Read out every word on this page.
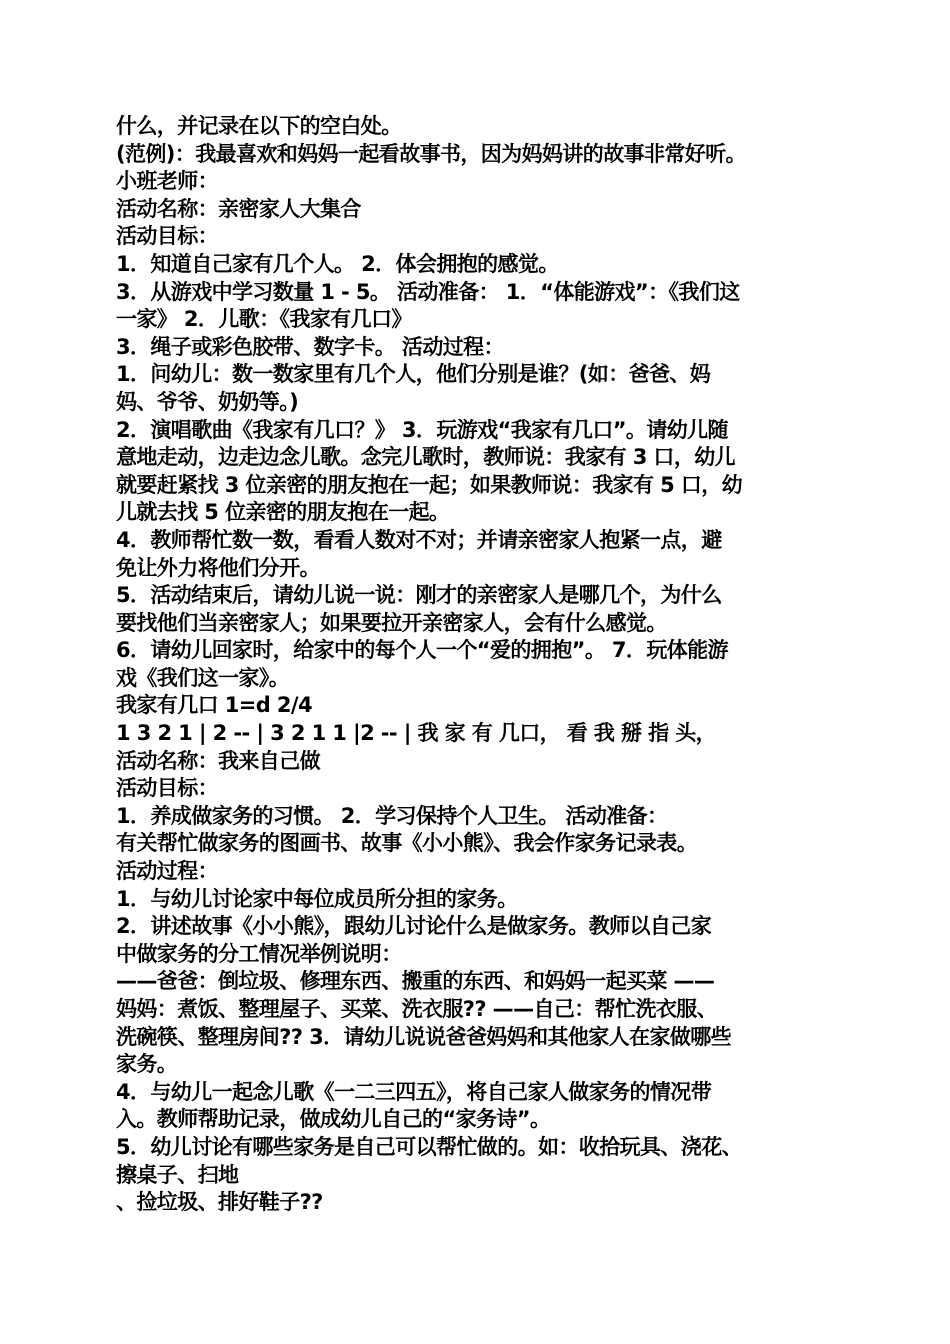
什么，并记录在以下的空白处。
(范例)：我最喜欢和妈妈一起看故事书，因为妈妈讲的故事非常好听。
小班老师：
活动名称：亲密家人大集合
活动目标：
1．知道自己家有几个人。 2．体会拥抱的感觉。
3．从游戏中学习数量 1 - 5。 活动准备： 1．“体能游戏”：《我们这
一家》 2．儿歌：《我家有几口》
3．绳子或彩色胶带、数字卡。 活动过程：
1．问幼儿：数一数家里有几个人，他们分别是谁？(如：爸爸、妈
妈、爷爷、奶奶等。)
2．演唱歌曲《我家有几口？》 3．玩游戏“我家有几口”。请幼儿随
意地走动，边走边念儿歌。念完儿歌时，教师说：我家有 3 口，幼儿
就要赶紧找 3 位亲密的朋友抱在一起；如果教师说：我家有 5 口，幼
儿就去找 5 位亲密的朋友抱在一起。
4．教师帮忙数一数，看看人数对不对；并请亲密家人抱紧一点，避
免让外力将他们分开。
5．活动结束后，请幼儿说一说：刚才的亲密家人是哪几个，为什么
要找他们当亲密家人；如果要拉开亲密家人，会有什么感觉。
6．请幼儿回家时，给家中的每个人一个“爱的拥抱”。 7．玩体能游
戏《我们这一家》。
我家有几口 1=d 2/4
1 3 2 1 | 2 -- | 3 2 1 1 |2 -- | 我 家 有 几口， 看 我 掰 指 头，
活动名称：我来自己做
活动目标：
1．养成做家务的习惯。 2．学习保持个人卫生。 活动准备：
有关帮忙做家务的图画书、故事《小小熊》、我会作家务记录表。
活动过程：
1．与幼儿讨论家中每位成员所分担的家务。
2．讲述故事《小小熊》，跟幼儿讨论什么是做家务。教师以自己家
中做家务的分工情况举例说明：
——爸爸：倒垃圾、修理东西、搬重的东西、和妈妈一起买菜 ——
妈妈：煮饭、整理屋子、买菜、洗衣服?? ——自己：帮忙洗衣服、
洗碗筷、整理房间?? 3．请幼儿说说爸爸妈妈和其他家人在家做哪些
家务。
4．与幼儿一起念儿歌《一二三四五》，将自己家人做家务的情况带
入。教师帮助记录，做成幼儿自己的“家务诗”。
5．幼儿讨论有哪些家务是自己可以帮忙做的。如：收拾玩具、浇花、
擦桌子、扫地
、捡垃圾、排好鞋子??
